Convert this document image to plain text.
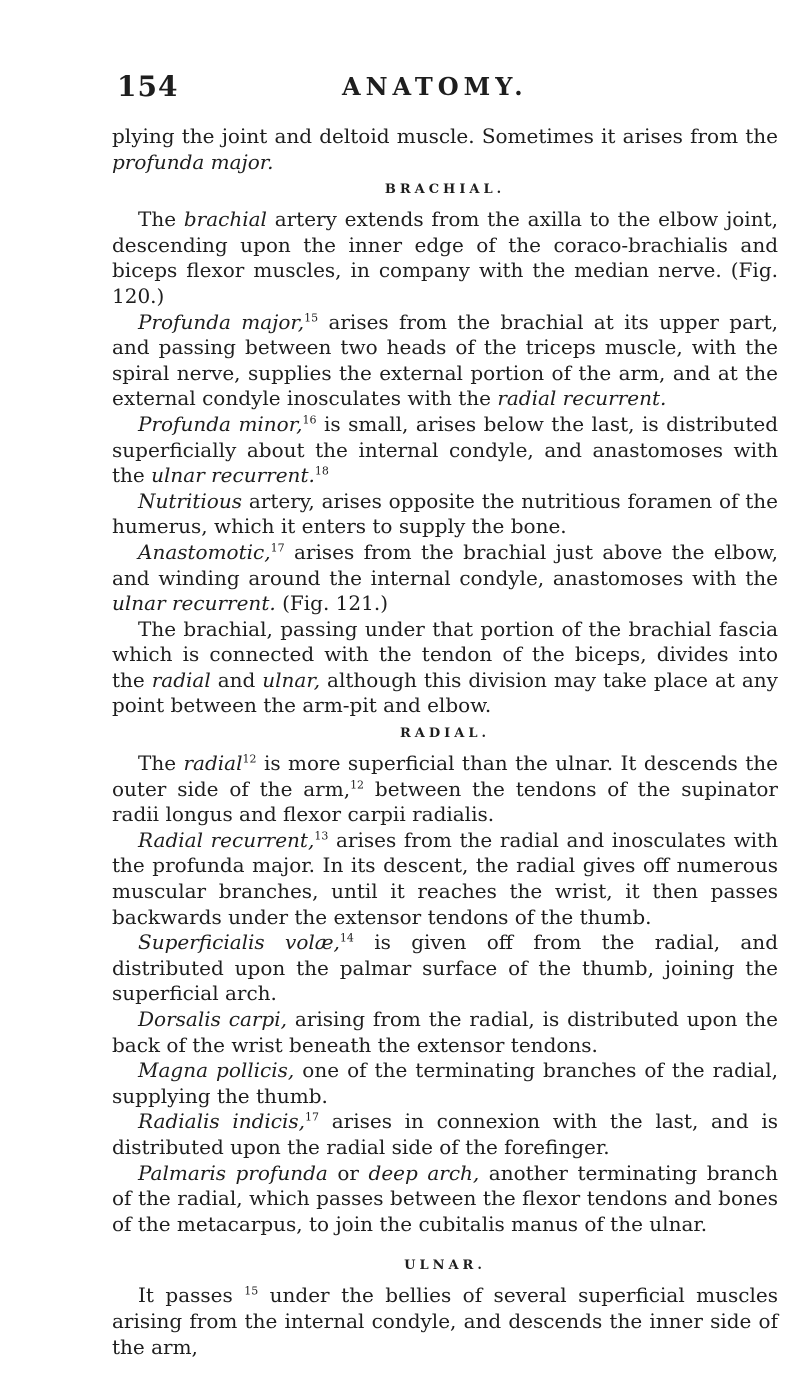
154	ANATOMY.

plying the joint and deltoid muscle. Sometimes it arises from the profunda major.

BRACHIAL.

The brachial artery extends from the axilla to the elbow joint, descending upon the inner edge of the coraco-brachialis and biceps flexor muscles, in company with the median nerve. (Fig. 120.)

Profunda major,$^{15}$ arises from the brachial at its upper part, and passing between two heads of the triceps muscle, with the spiral nerve, supplies the external portion of the arm, and at the external condyle inosculates with the radial recurrent.

Profunda minor,$^{16}$ is small, arises below the last, is distributed superficially about the internal condyle, and anastomoses with the ulnar recurrent.$^{18}$

Nutritious artery, arises opposite the nutritious foramen of the humerus, which it enters to supply the bone.

Anastomotic,$^{17}$ arises from the brachial just above the elbow, and winding around the internal condyle, anastomoses with the ulnar recurrent. (Fig. 121.)

The brachial, passing under that portion of the brachial fascia which is connected with the tendon of the biceps, divides into the radial and ulnar, although this division may take place at any point between the arm-pit and elbow.

RADIAL.

The radial$^{12}$ is more superficial than the ulnar. It descends the outer side of the arm,$^{12}$ between the tendons of the supinator radii longus and flexor carpii radialis.

Radial recurrent,$^{13}$ arises from the radial and inosculates with the profunda major. In its descent, the radial gives off numerous muscular branches, until it reaches the wrist, it then passes backwards under the extensor tendons of the thumb.

Superficialis volæ,$^{14}$ is given off from the radial, and distributed upon the palmar surface of the thumb, joining the superficial arch.

Dorsalis carpi, arising from the radial, is distributed upon the back of the wrist beneath the extensor tendons.

Magna pollicis, one of the terminating branches of the radial, supplying the thumb.

Radialis indicis,$^{17}$ arises in connexion with the last, and is distributed upon the radial side of the forefinger.

Palmaris profunda or deep arch, another terminating branch of the radial, which passes between the flexor tendons and bones of the metacarpus, to join the cubitalis manus of the ulnar.

ULNAR.

It passes $^{15}$ under the bellies of several superficial muscles arising from the internal condyle, and descends the inner side of the arm,
